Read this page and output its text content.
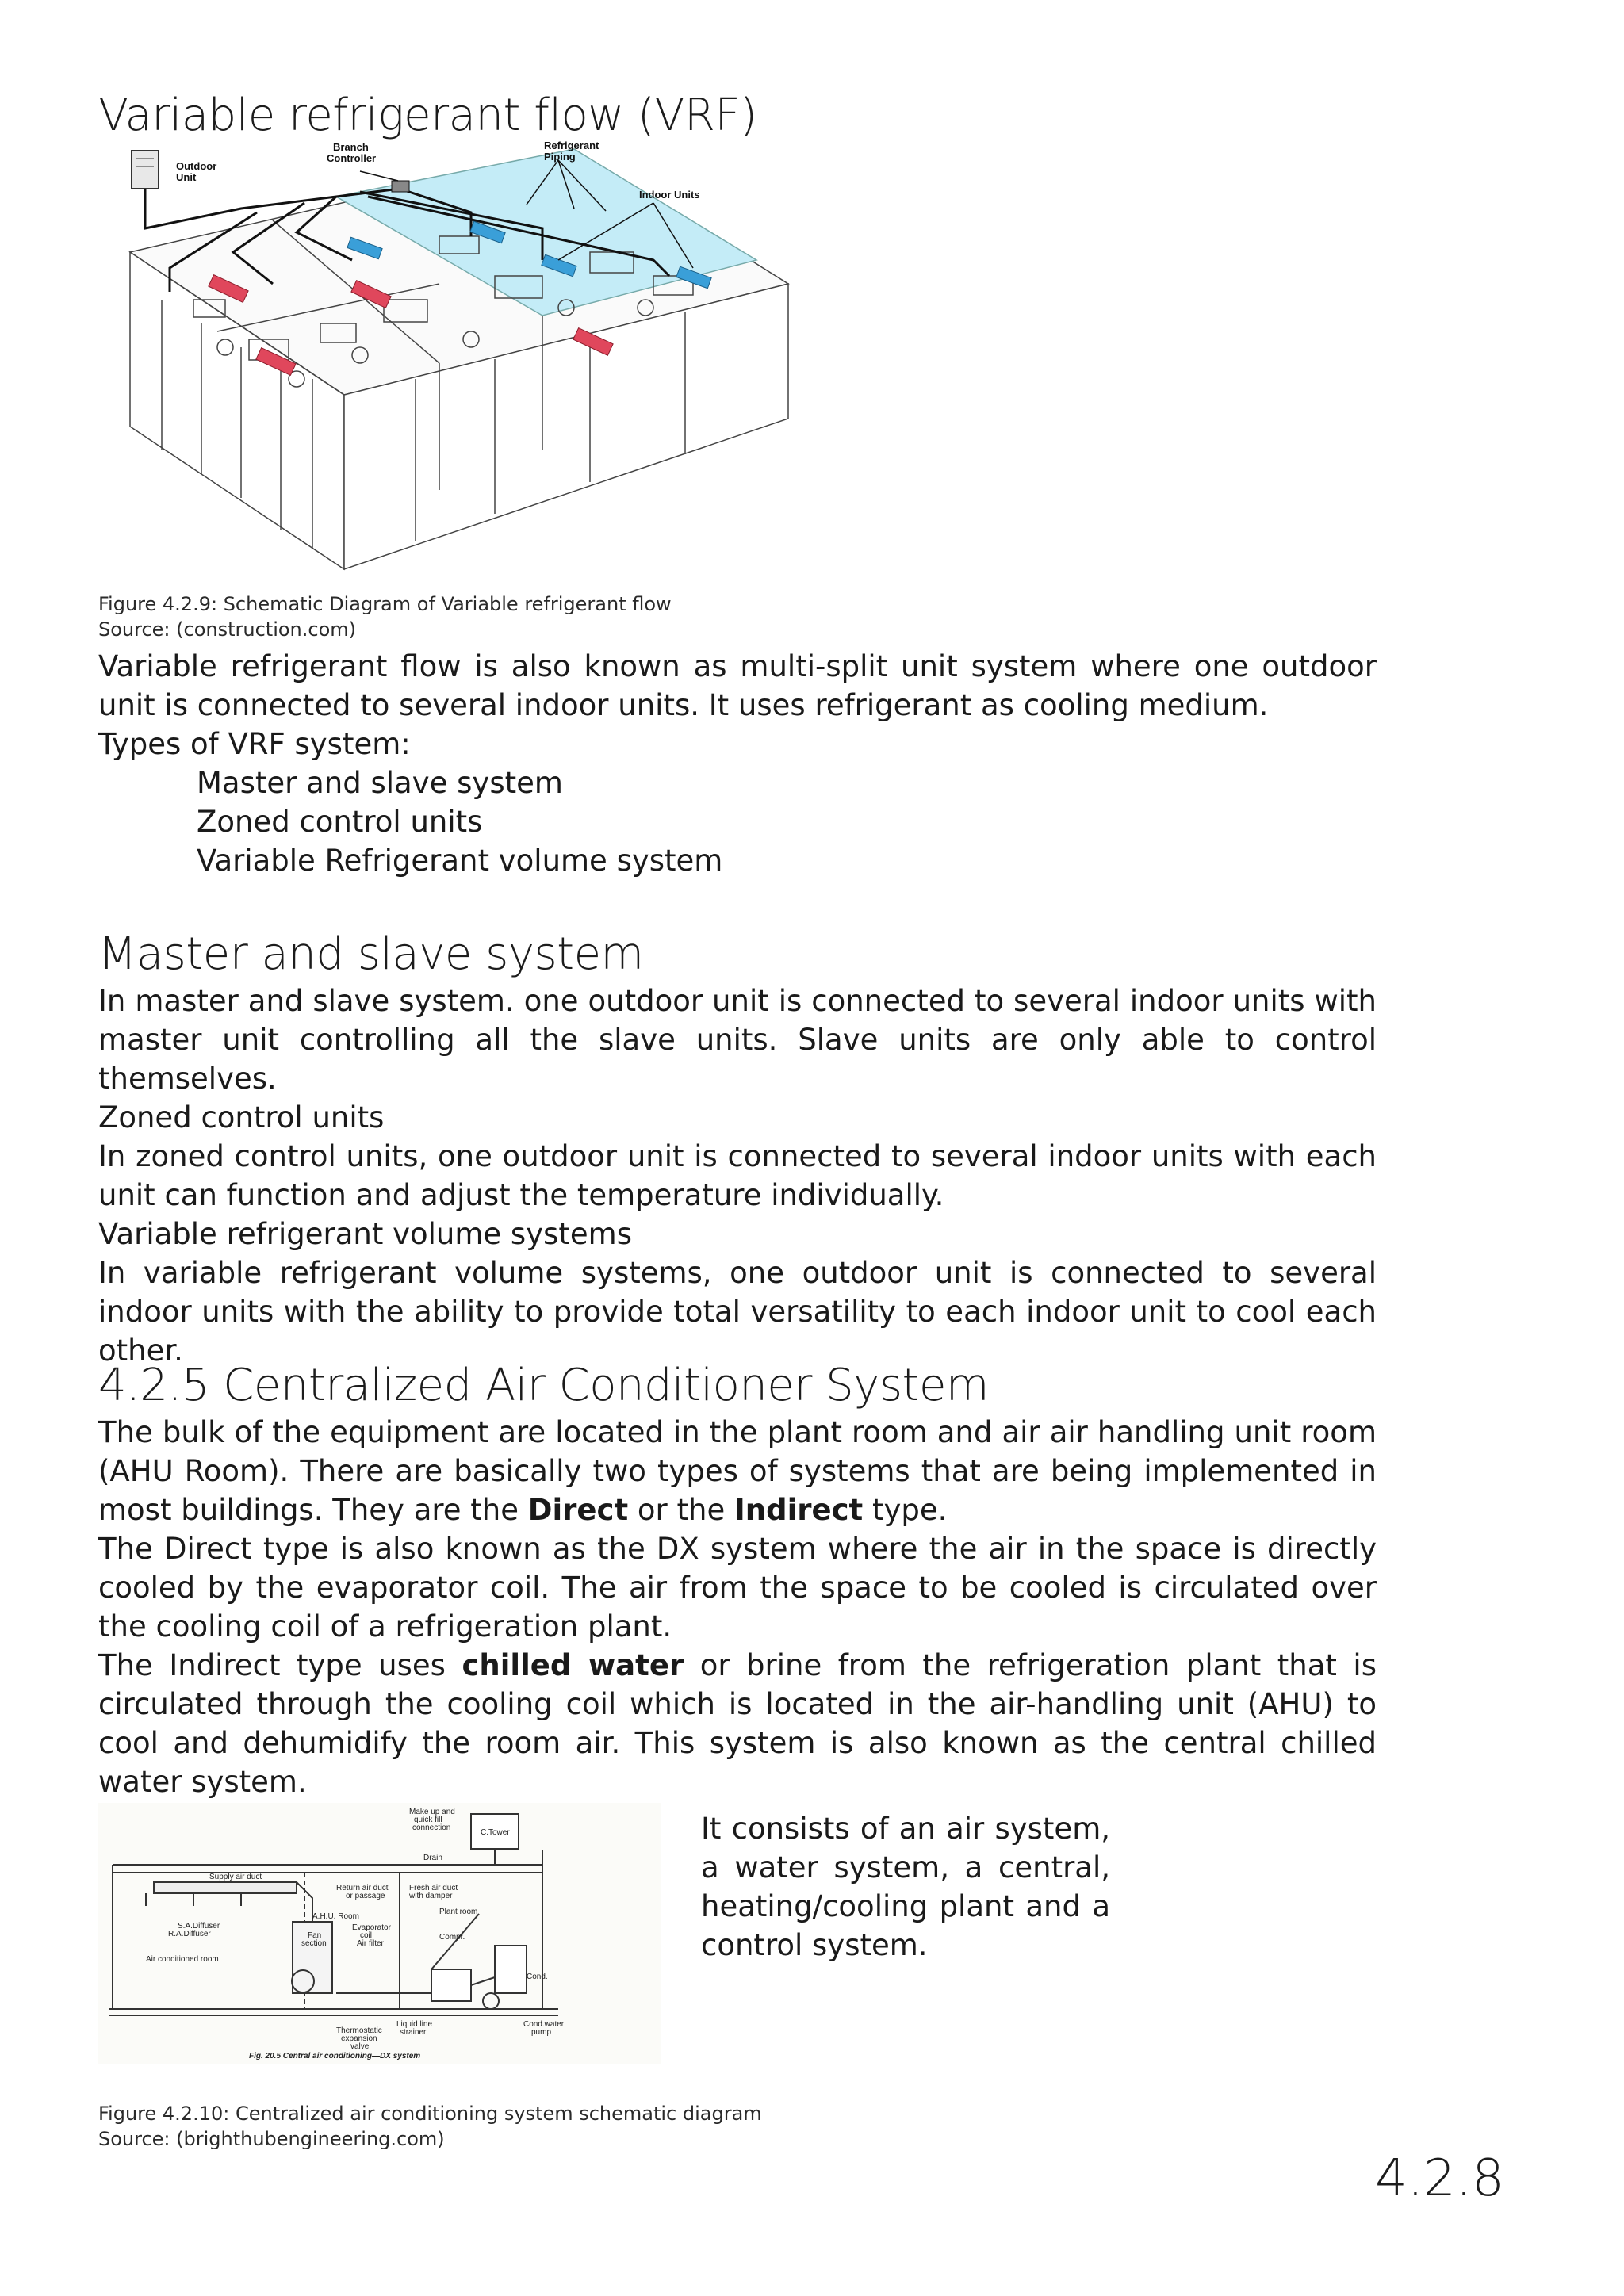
Variable refrigerant flow (VRF)
Outdoor
Unit
Branch
Controller
Refrigerant
Piping
Indoor Units
Figure 4.2.9: Schematic Diagram of Variable refrigerant flow
Source: (construction.com)

Variable refrigerant flow is also known as multi-split unit system where one outdoor unit is connected to several indoor units. It uses refrigerant as cooling medium.

Types of VRF system:
Master and slave system
Zoned control units
Variable Refrigerant volume system
Master and slave system

In master and slave system. one outdoor unit is connected to several indoor units with master unit controlling all the slave units. Slave units are only able to control themselves.

Zoned control units

In zoned control units, one outdoor unit is connected to several indoor units with each unit can function and adjust the temperature individually.

Variable refrigerant volume systems

In variable refrigerant volume systems, one outdoor unit is connected to several indoor units with the ability to provide total versatility to each indoor unit to cool each other.

4.2.5 Centralized Air Conditioner System

The bulk of the equipment are located in the plant room and air air handling unit room (AHU Room). There are basically two types of systems that are being implemented in most buildings. They are the Direct or the Indirect type.

The Direct type is also known as the DX system where the air in the space is directly cooled by the evaporator coil. The air from the space to be cooled is circulated over the cooling coil of a refrigeration plant.

The Indirect type uses chilled water or brine from the refrigeration plant that is circulated through the cooling coil which is located in the air-handling unit (AHU) to cool and dehumidify the room air. This system is also known as the central chilled water system.

Make up and
quick fill
connection
C.Tower
Drain
Supply air duct
Return air duct
or passage
Fresh air duct
with damper
Plant room
A.H.U. Room
S.A.Diffuser
R.A.Diffuser	Fan
section
Evaporator
coil
Air filter
Compr.
Air conditioned room
Cond.
Liquid line
strainer
Thermostatic
expansion
valve
Cond.water
pump
Fig. 20.5 Central air conditioning—DX system

It consists of an air system, a water system, a central, heating/cooling plant and a control system.

Figure 4.2.10: Centralized air conditioning system schematic diagram
Source: (brighthubengineering.com)
4.2.8
